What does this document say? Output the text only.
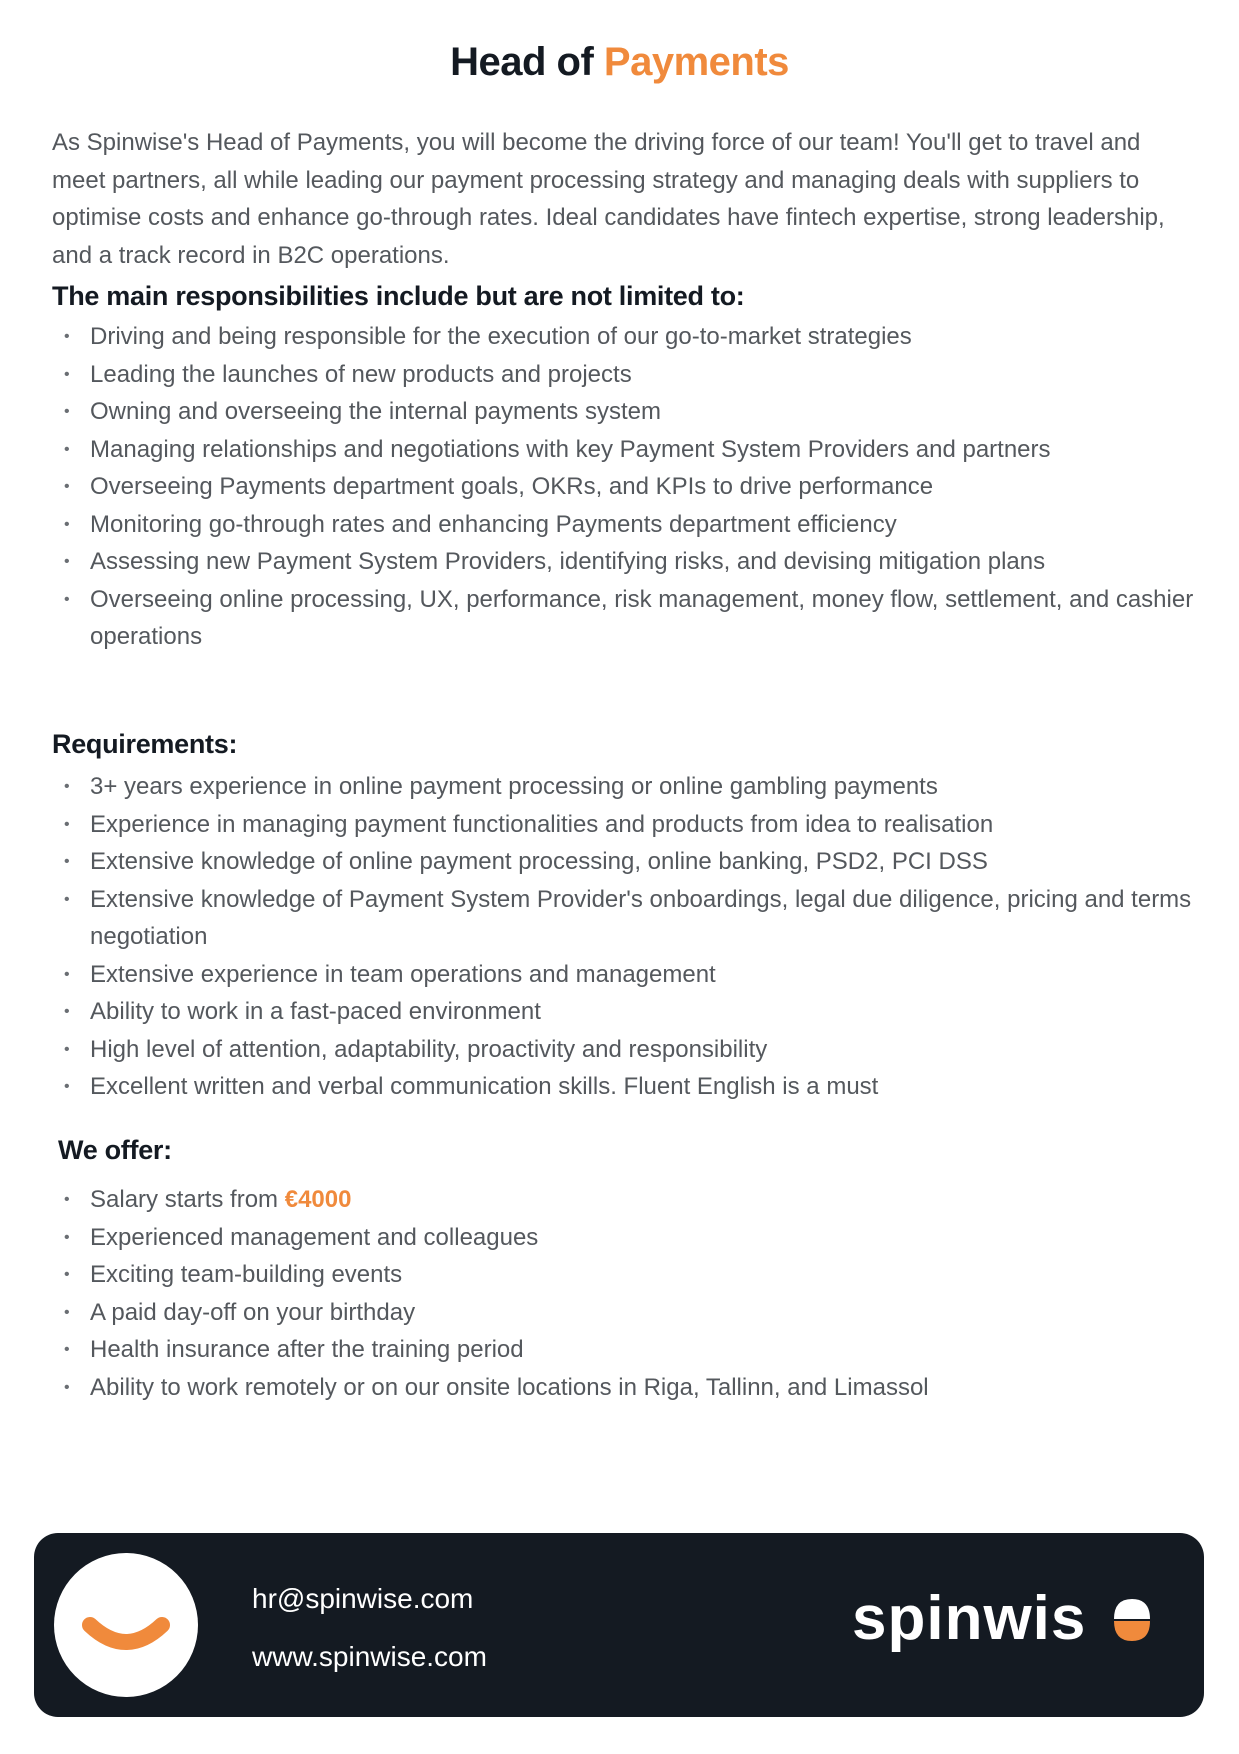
Head of Payments

As Spinwise's Head of Payments, you will become the driving force of our team! You'll get to travel and meet partners, all while leading our payment processing strategy and managing deals with suppliers to optimise costs and enhance go-through rates. Ideal candidates have fintech expertise, strong leadership, and a track record in B2C operations.

The main responsibilities include but are not limited to:
• Driving and being responsible for the execution of our go-to-market strategies
• Leading the launches of new products and projects
• Owning and overseeing the internal payments system
• Managing relationships and negotiations with key Payment System Providers and partners
• Overseeing Payments department goals, OKRs, and KPIs to drive performance
• Monitoring go-through rates and enhancing Payments department efficiency
• Assessing new Payment System Providers, identifying risks, and devising mitigation plans
• Overseeing online processing, UX, performance, risk management, money flow, settlement, and cashier operations
Requirements:
• 3+ years experience in online payment processing or online gambling payments
• Experience in managing payment functionalities and products from idea to realisation
• Extensive knowledge of online payment processing, online banking, PSD2, PCI DSS
• Extensive knowledge of Payment System Provider's onboardings, legal due diligence, pricing and terms negotiation
• Extensive experience in team operations and management
• Ability to work in a fast-paced environment
• High level of attention, adaptability, proactivity and responsibility
• Excellent written and verbal communication skills. Fluent English is a must
We offer:
• Salary starts from €4000
• Experienced management and colleagues
• Exciting team-building events
• A paid day-off on your birthday
• Health insurance after the training period
• Ability to work remotely or on our onsite locations in Riga, Tallinn, and Limassol
hr@spinwise.com
www.spinwise.com
spinwis
